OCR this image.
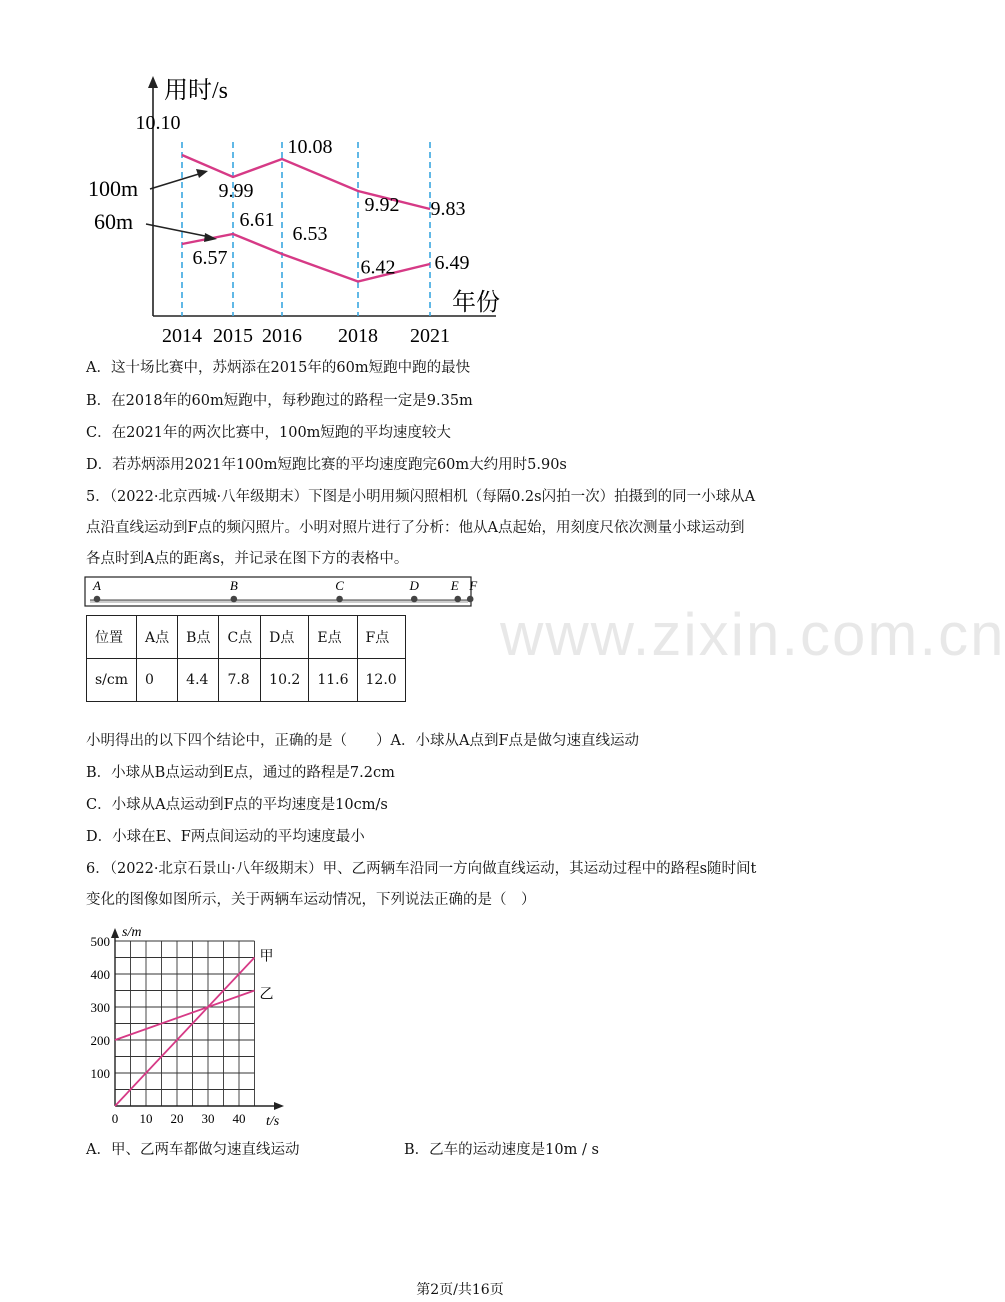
用时/s
年份
2014 2015 2016 2018 2021
10.10
9.99
10.08
9.92 9.83
6.57
6.61
6.53
6.42 6.49
100m
60m
A．这十场比赛中，苏炳添在2015年的60m短跑中跑的最快
B．在2018年的60m短跑中，每秒跑过的路程一定是9.35m
C．在2021年的两次比赛中，100m短跑的平均速度较大
D．若苏炳添用2021年100m短跑比赛的平均速度跑完60m大约用时5.90s
5．（2022·北京西城·八年级期末）下图是小明用频闪照相机（每隔0.2s闪拍一次）拍摄到的同一小球从A
点沿直线运动到F点的频闪照片。小明对照片进行了分析：他从A点起始，用刻度尺依次测量小球运动到
各点时到A点的距离s，并记录在图下方的表格中。
A	B	C	D E F
位置	A点	B点	C点	D点	E点	F点
s/cm	0	4.4	7.8	10.2	11.6	12.0
www.zixin.com.cn
小明得出的以下四个结论中，正确的是（　　）A．小球从A点到F点是做匀速直线运动
B．小球从B点运动到E点，通过的路程是7.2cm
C．小球从A点运动到F点的平均速度是10cm/s
D．小球在E、F两点间运动的平均速度最小
6．（2022·北京石景山·八年级期末）甲、乙两辆车沿同一方向做直线运动，其运动过程中的路程s随时间t
变化的图像如图所示，关于两辆车运动情况，下列说法正确的是（　）
s/m
t/s
0 10 20 30 40
100
200
300
400
500
甲
乙
A．甲、乙两车都做匀速直线运动	B．乙车的运动速度是10m / s
第2页/共16页
